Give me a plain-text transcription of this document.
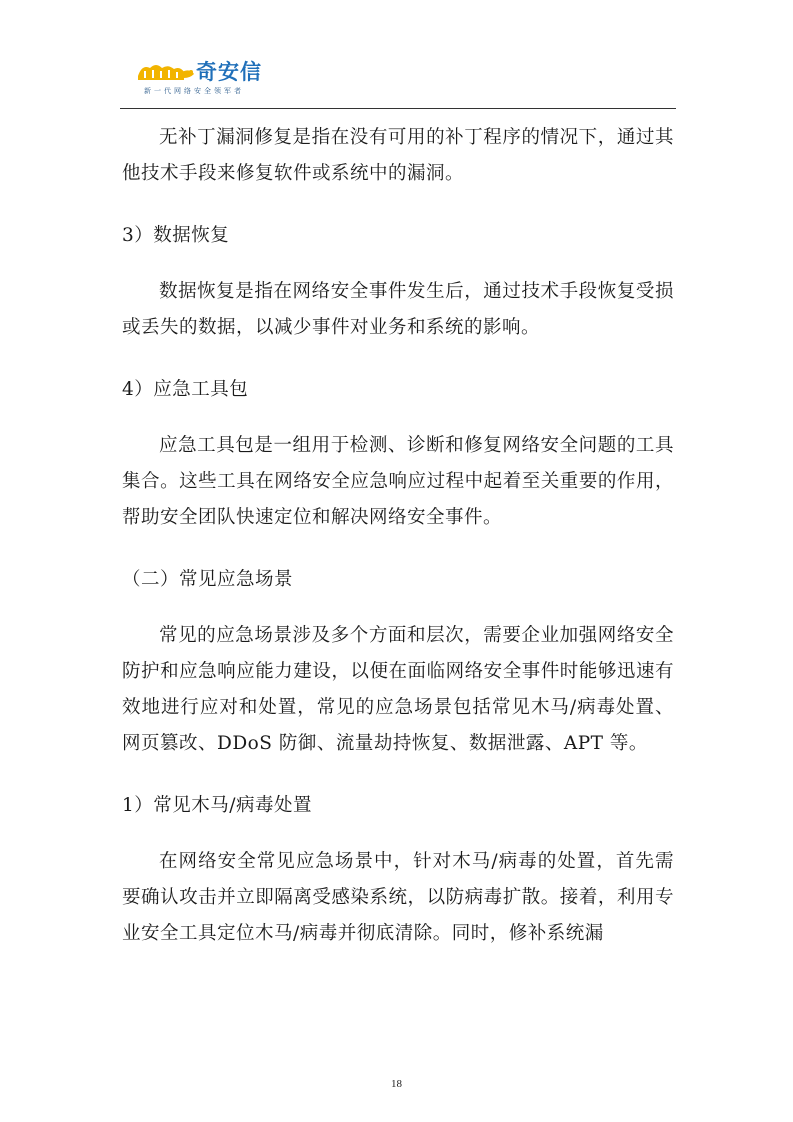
奇安信
新一代网络安全领军者

无补丁漏洞修复是指在没有可用的补丁程序的情况下，通过其他技术手段来修复软件或系统中的漏洞。

3）数据恢复

数据恢复是指在网络安全事件发生后，通过技术手段恢复受损或丢失的数据，以减少事件对业务和系统的影响。

4）应急工具包

应急工具包是一组用于检测、诊断和修复网络安全问题的工具集合。这些工具在网络安全应急响应过程中起着至关重要的作用，帮助安全团队快速定位和解决网络安全事件。

（二）常见应急场景

常见的应急场景涉及多个方面和层次，需要企业加强网络安全防护和应急响应能力建设，以便在面临网络安全事件时能够迅速有效地进行应对和处置，常见的应急场景包括常见木马/病毒处置、网页篡改、DDoS 防御、流量劫持恢复、数据泄露、APT 等。

1）常见木马/病毒处置

在网络安全常见应急场景中，针对木马/病毒的处置，首先需要确认攻击并立即隔离受感染系统，以防病毒扩散。接着，利用专业安全工具定位木马/病毒并彻底清除。同时，修补系统漏

18
